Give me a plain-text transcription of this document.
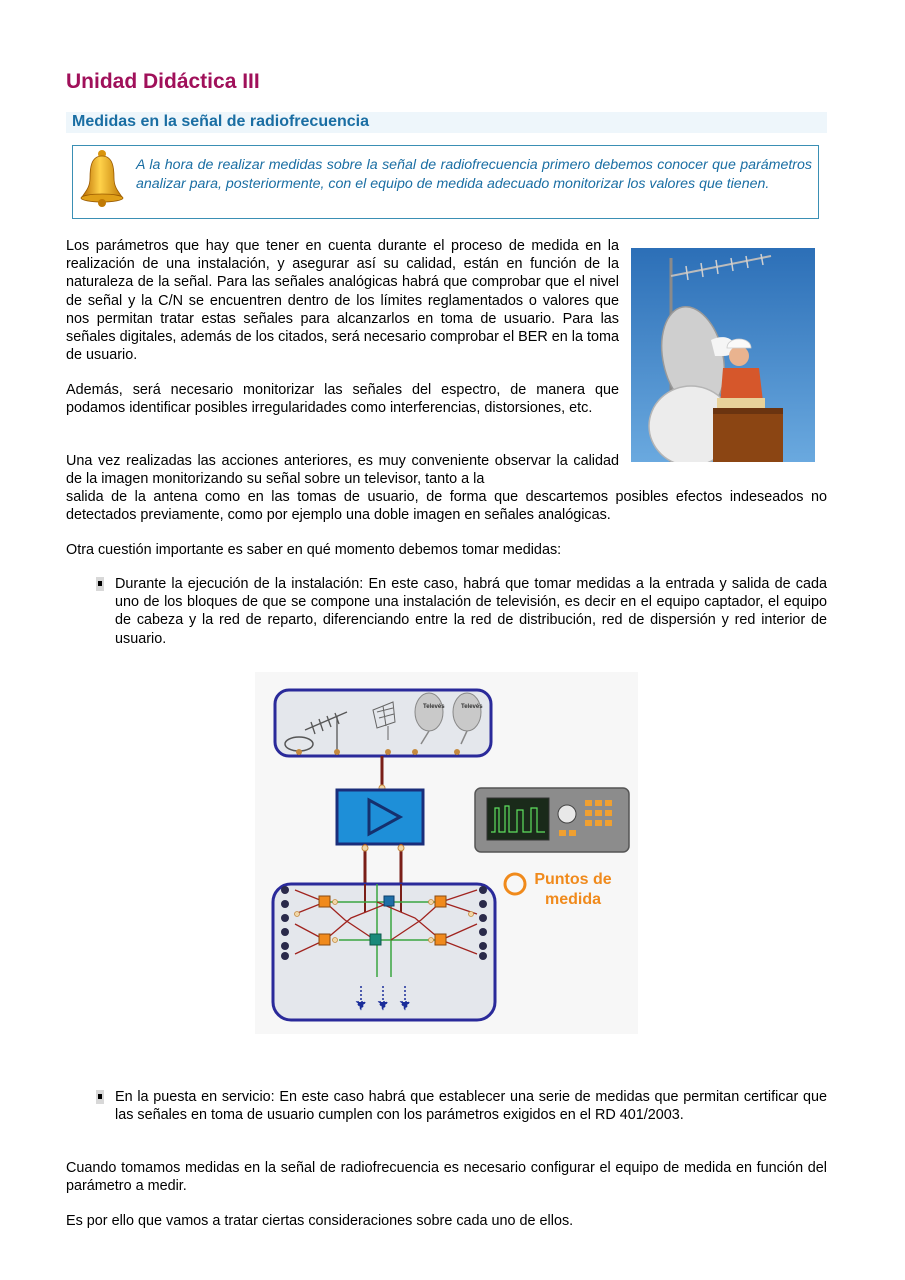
Unidad Didáctica III
Medidas en la señal de radiofrecuencia

A la hora de realizar medidas sobre la señal de radiofrecuencia primero debemos conocer que parámetros analizar para, posteriormente, con el equipo de medida adecuado monitorizar los valores que tienen.

Los parámetros que hay que tener en cuenta durante el proceso de medida en la realización de una instalación, y asegurar así su calidad, están en función de la naturaleza de la señal. Para las señales analógicas habrá que comprobar que el nivel de señal y la C/N se encuentren dentro de los límites reglamentados o valores que nos permitan tratar estas señales para alcanzarlos en toma de usuario. Para las señales digitales, además de los citados, será necesario comprobar el BER en la toma de usuario.

Además, será necesario monitorizar las señales del espectro, de manera que podamos identificar posibles irregularidades como interferencias, distorsiones, etc.

Una vez realizadas las acciones anteriores, es muy conveniente observar la calidad de la imagen monitorizando su señal sobre un televisor, tanto a la

salida de la antena como en las tomas de usuario, de forma que descartemos posibles efectos indeseados no detectados previamente, como por ejemplo una doble imagen en señales analógicas.

Otra cuestión importante es saber en qué momento debemos tomar medidas:

Durante la ejecución de la instalación: En este caso, habrá que tomar medidas a la entrada y salida de cada uno de los bloques de que se compone una instalación de televisión, es decir en el equipo captador, el equipo de cabeza y la red de reparto, diferenciando entre la red de distribución, red de dispersión y red interior de usuario.

Televés	Televés
Puntos de
medida

En la puesta en servicio: En este caso habrá que establecer una serie de medidas que permitan certificar que las señales en toma de usuario cumplen con los parámetros exigidos en el RD 401/2003.

Cuando tomamos medidas en la señal de radiofrecuencia es necesario configurar el equipo de medida en función del parámetro a medir.

Es por ello que vamos a tratar ciertas consideraciones sobre cada uno de ellos.
